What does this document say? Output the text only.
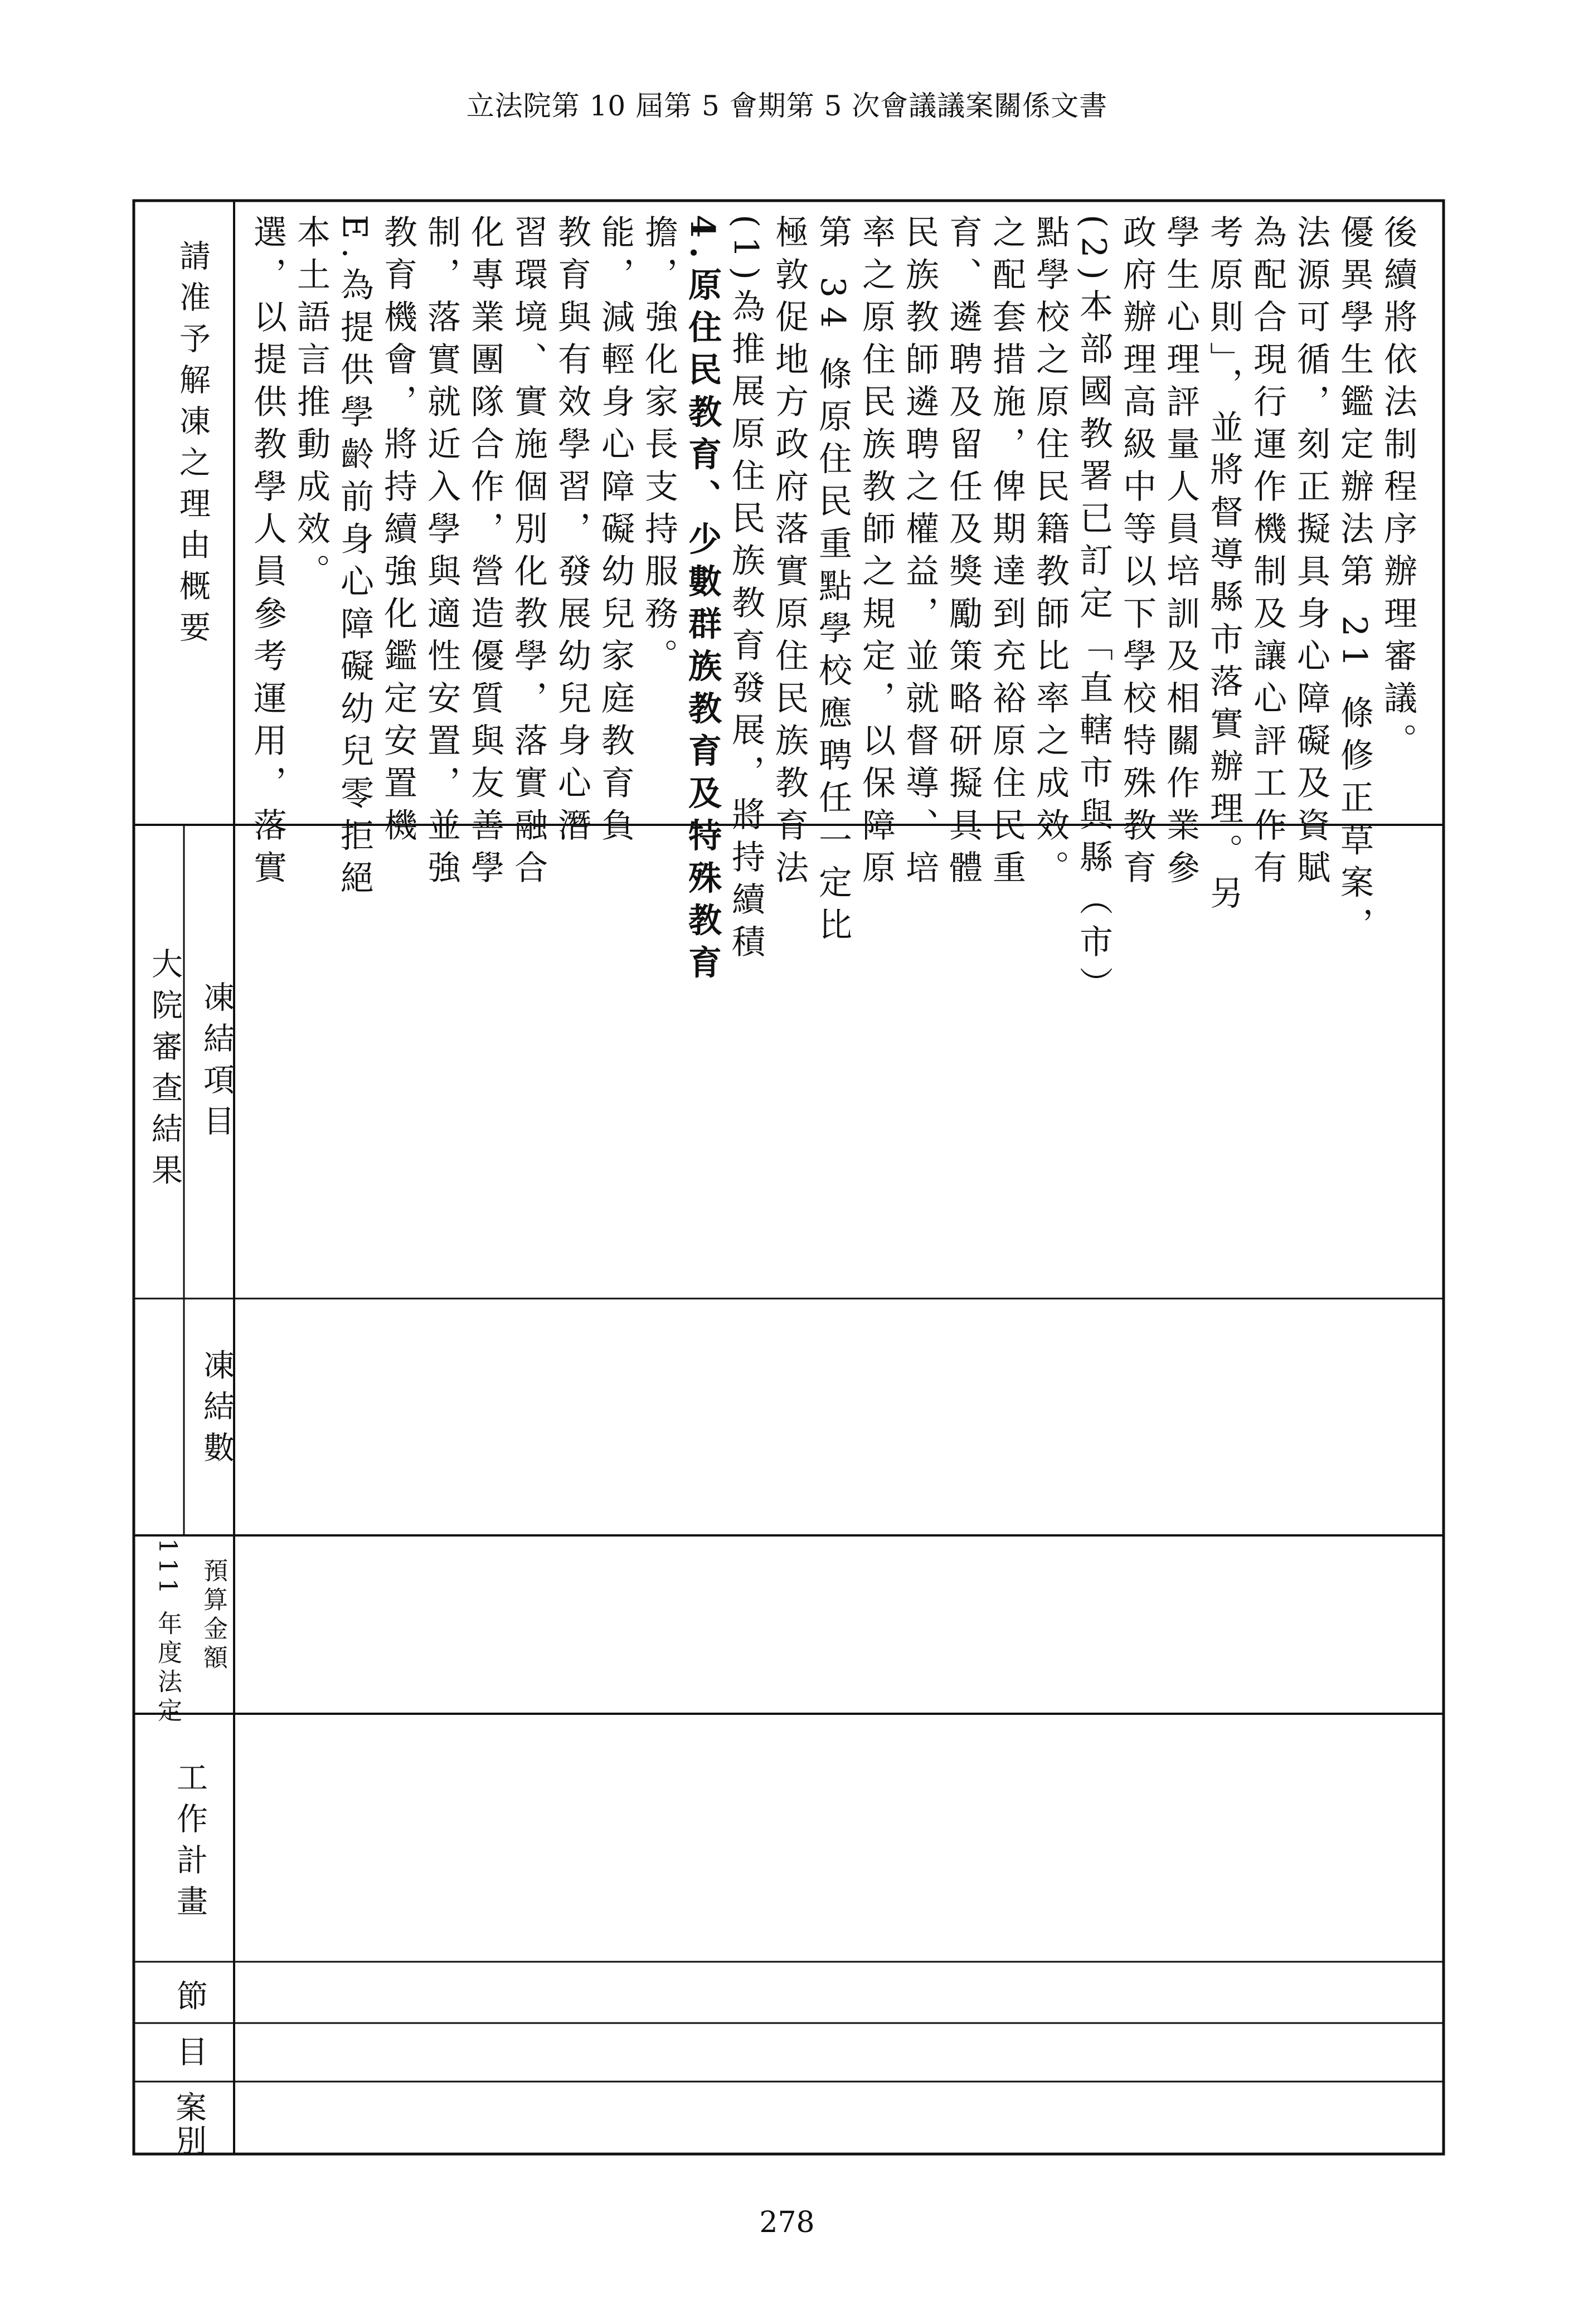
立法院第 10 屆第 5 會期第 5 次會議議案關係文書
請准予解凍之理由概要
大院審查結果 凍結項目
凍結數
111 年度法定 預算金額
工作計畫
節
目
案別
選，以提供教學人員參考運用，落實 本土語言推動成效。 E.為提供學齡前身心障礙幼兒零拒絕 教育機會，將持續強化鑑定安置機 制，落實就近入學與適性安置，並強 化專業團隊合作，營造優質與友善學 習環境、實施個別化教學，落實融合 教育與有效學習，發展幼兒身心潛 能，減輕身心障礙幼兒家庭教育負 擔，強化家長支持服務。 4.原住民教育、少數群族教育及特殊教育 (1)為推展原住民族教育發展，將持續積 極敦促地方政府落實原住民族教育法 第 34 條原住民重點學校應聘任一定比 率之原住民族教師之規定，以保障原 民族教師遴聘之權益，並就督導、培 育、遴聘及留任及獎勵策略研擬具體 之配套措施，俾期達到充裕原住民重 點學校之原住民籍教師比率之成效。 (2)本部國教署已訂定「直轄市與縣（市） 政府辦理高級中等以下學校特殊教育 學生心理評量人員培訓及相關作業參 考原則」，並將督導縣市落實辦理。另 為配合現行運作機制及讓心評工作有 法源可循，刻正擬具身心障礙及資賦 優異學生鑑定辦法第 21 條修正草案， 後續將依法制程序辦理審議。
278
